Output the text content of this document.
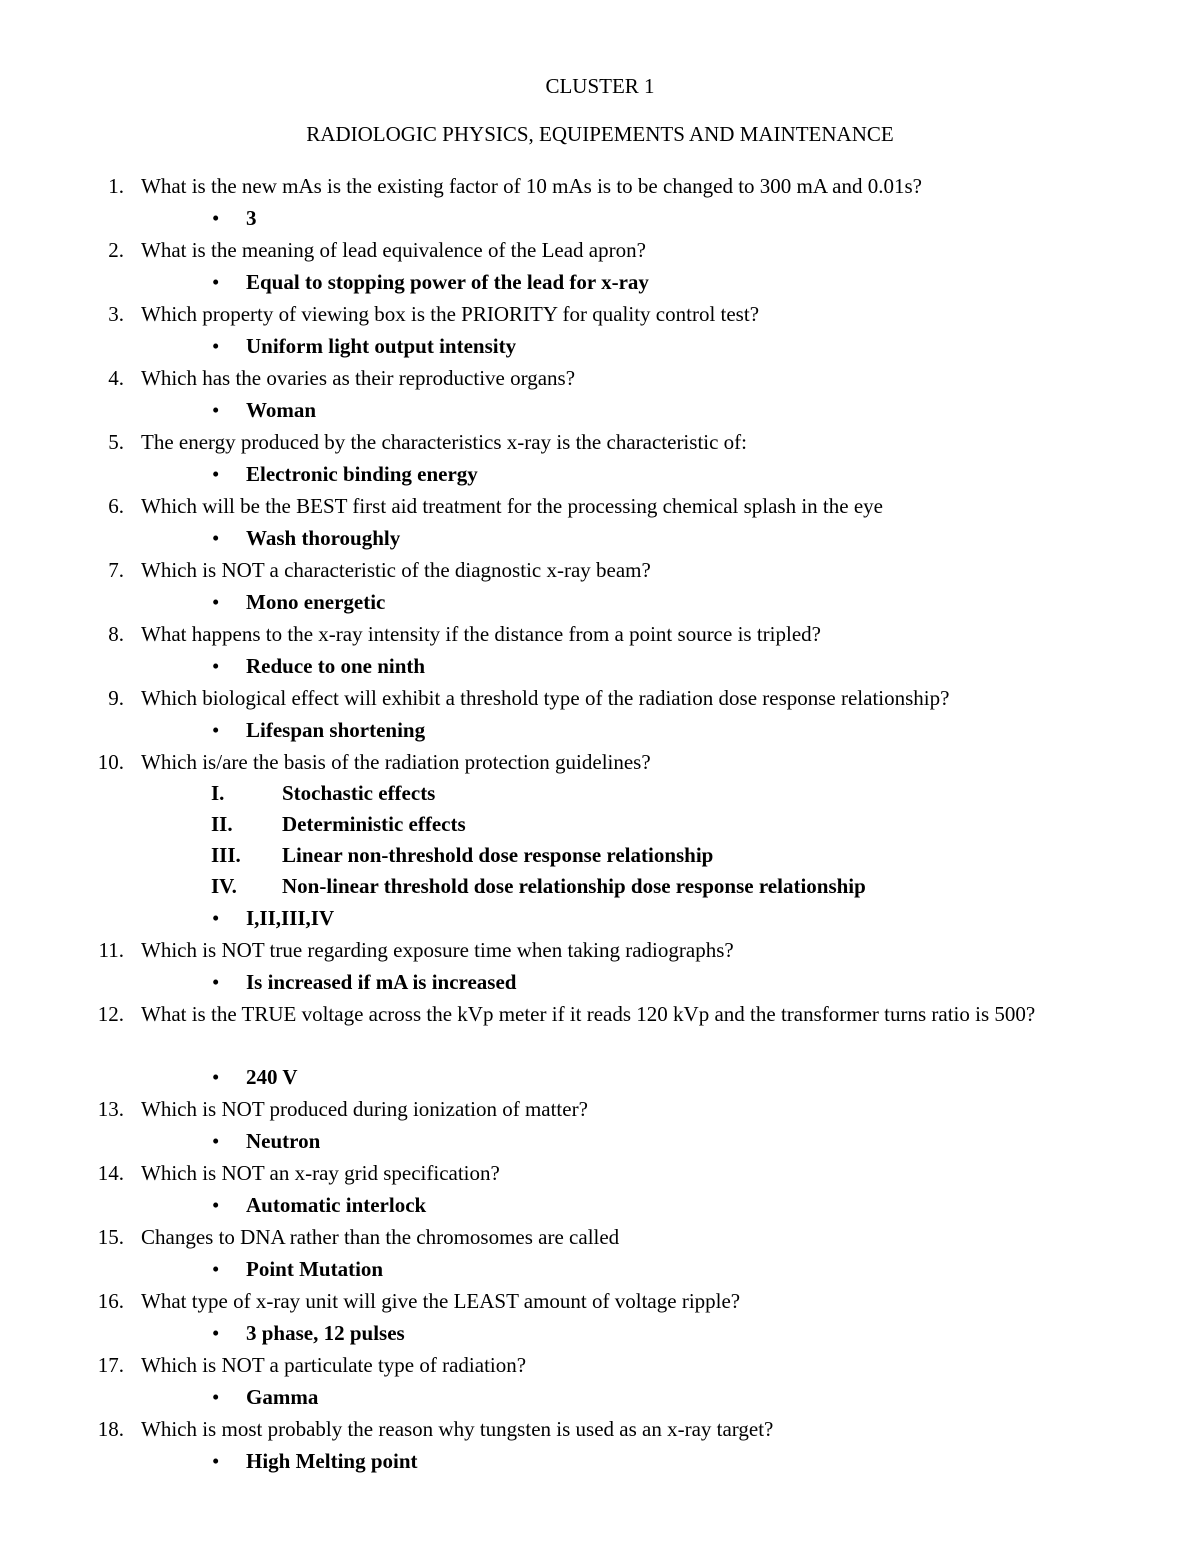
CLUSTER 1
RADIOLOGIC PHYSICS, EQUIPEMENTS AND MAINTENANCE
1. What is the new mAs is the existing factor of 10 mAs is to be changed to 300 mA and 0.01s?
• 3
2. What is the meaning of lead equivalence of the Lead apron?
• Equal to stopping power of the lead for x-ray
3. Which property of viewing box is the PRIORITY for quality control test?
• Uniform light output intensity
4. Which has the ovaries as their reproductive organs?
• Woman
5. The energy produced by the characteristics x-ray is the characteristic of:
• Electronic binding energy
6. Which will be the BEST first aid treatment for the processing chemical splash in the eye
• Wash thoroughly
7. Which is NOT a characteristic of the diagnostic x-ray beam?
• Mono energetic
8. What happens to the x-ray intensity if the distance from a point source is tripled?
• Reduce to one ninth
9. Which biological effect will exhibit a threshold type of the radiation dose response relationship?
• Lifespan shortening
10. Which is/are the basis of the radiation protection guidelines?
I.	Stochastic effects
II. Deterministic effects
III. Linear non-threshold dose response relationship
IV. Non-linear threshold dose relationship dose response relationship
• I,II,III,IV
11. Which is NOT true regarding exposure time when taking radiographs?
• Is increased if mA is increased
12. What is the TRUE voltage across the kVp meter if it reads 120 kVp and the transformer turns ratio is 500?
• 240 V
13. Which is NOT produced during ionization of matter?
• Neutron
14. Which is NOT an x-ray grid specification?
• Automatic interlock
15. Changes to DNA rather than the chromosomes are called
• Point Mutation
16. What type of x-ray unit will give the LEAST amount of voltage ripple?
• 3 phase, 12 pulses
17. Which is NOT a particulate type of radiation?
• Gamma
18. Which is most probably the reason why tungsten is used as an x-ray target?
• High Melting point
